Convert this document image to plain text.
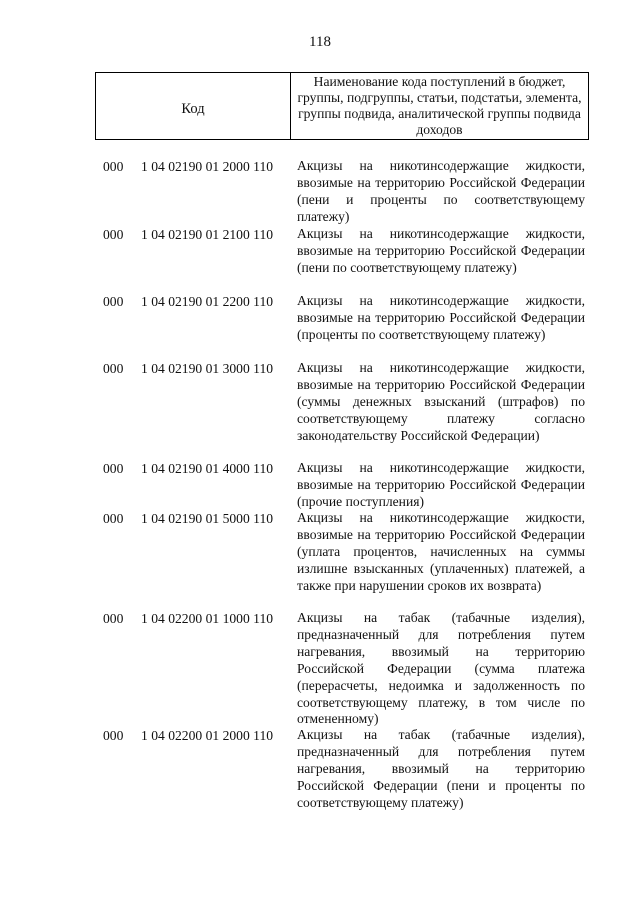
118
Код
Наименование кода поступлений в бюджет, группы, подгруппы, статьи, подстатьи, элемента, группы подвида, аналитической группы подвида доходов
000	1 04 02190 01 2000 110	Акцизы на никотинсодержащие жидкости, ввозимые на территорию Российской Федерации (пени и проценты по соответствующему платежу)
000	1 04 02190 01 2100 110	Акцизы на никотинсодержащие жидкости, ввозимые на территорию Российской Федерации (пени по соответствующему платежу)
000	1 04 02190 01 2200 110	Акцизы на никотинсодержащие жидкости, ввозимые на территорию Российской Федерации (проценты по соответствующему платежу)
000	1 04 02190 01 3000 110	Акцизы на никотинсодержащие жидкости, ввозимые на территорию Российской Федерации (суммы денежных взысканий (штрафов) по соответствующему платежу согласно законодательству Российской Федерации)
000	1 04 02190 01 4000 110	Акцизы на никотинсодержащие жидкости, ввозимые на территорию Российской Федерации (прочие поступления)
000	1 04 02190 01 5000 110	Акцизы на никотинсодержащие жидкости, ввозимые на территорию Российской Федерации (уплата процентов, начисленных на суммы излишне взысканных (уплаченных) платежей, а также при нарушении сроков их возврата)
000	1 04 02200 01 1000 110	Акцизы на табак (табачные изделия), предназначенный для потребления путем нагревания, ввозимый на территорию Российской Федерации (сумма платежа (перерасчеты, недоимка и задолженность по соответствующему платежу, в том числе по отмененному)
000	1 04 02200 01 2000 110	Акцизы на табак (табачные изделия), предназначенный для потребления путем нагревания, ввозимый на территорию Российской Федерации (пени и проценты по соответствующему платежу)
